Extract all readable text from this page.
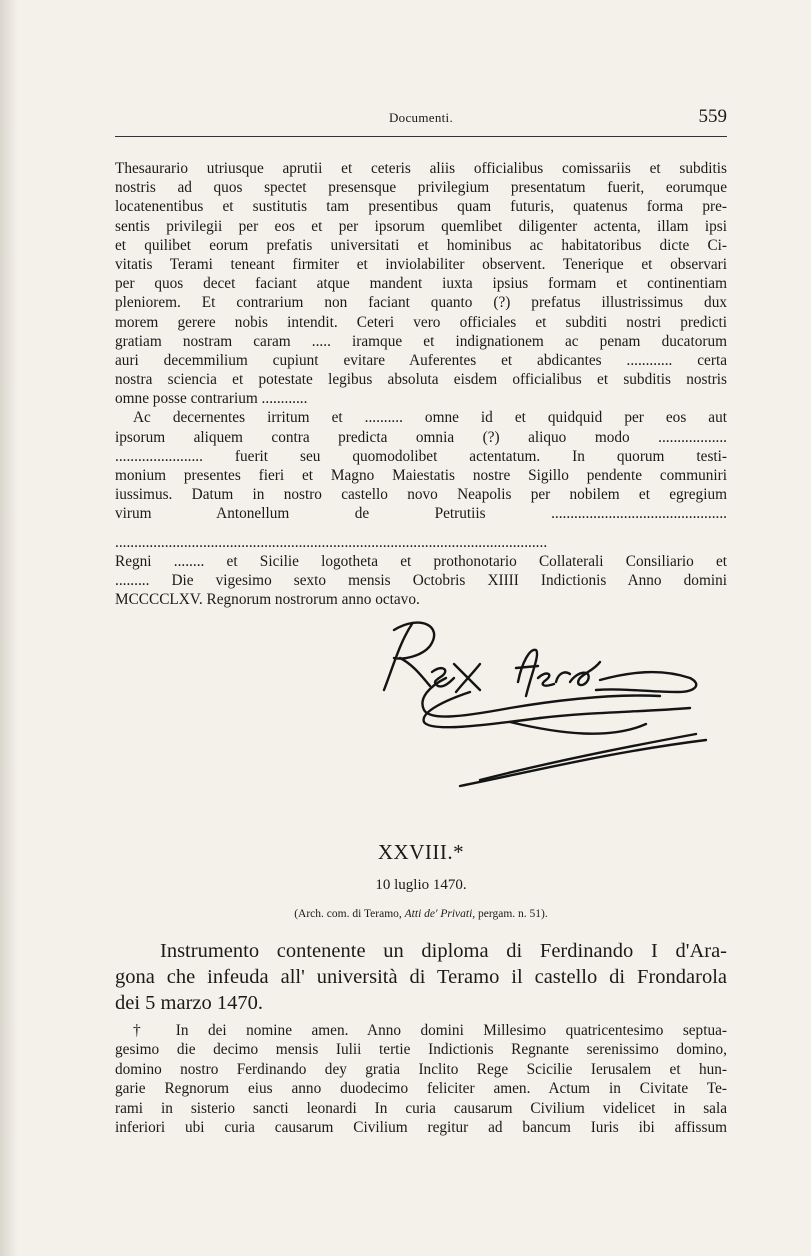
Documenti.	559
Thesaurario utriusque aprutii et ceteris aliis officialibus comissariis et subditis
nostris ad quos spectet presensque privilegium presentatum fuerit, eorumque
locatenentibus et sustitutis tam presentibus quam futuris, quatenus forma pre-
sentis privilegii per eos et per ipsorum quemlibet diligenter actenta, illam ipsi
et quilibet eorum prefatis universitati et hominibus ac habitatoribus dicte Ci-
vitatis Terami teneant firmiter et inviolabiliter observent. Tenerique et observari
per quos decet faciant atque mandent iuxta ipsius formam et continentiam
pleniorem. Et contrarium non faciant quanto (?) prefatus illustrissimus dux
morem gerere nobis intendit. Ceteri vero officiales et subditi nostri predicti
gratiam nostram caram ..... iramque et indignationem ac penam ducatorum
auri decemmilium cupiunt evitare Auferentes et abdicantes ............ certa
nostra sciencia et potestate legibus absoluta eisdem officialibus et subditis nostris
omne posse contrarium ............
Ac decernentes irritum et .......... omne id et quidquid per eos aut
ipsorum aliquem contra predicta omnia (?) aliquo modo ..................
....................... fuerit seu quomodolibet actentatum. In quorum testi-
monium presentes fieri et Magno Maiestatis nostre Sigillo pendente communiri
iussimus. Datum in nostro castello novo Neapolis per nobilem et egregium
virum Antonellum de Petrutiis ..............................................
.................................................................................................................
Regni ........ et Sicilie logotheta et prothonotario Collaterali Consiliario et
......... Die vigesimo sexto mensis Octobris XIIII Indictionis Anno domini
MCCCCLXV. Regnorum nostrorum anno octavo.
XXVIII.*
10 luglio 1470.
(Arch. com. di Teramo, Atti de' Privati, pergam. n. 51).
Instrumento contenente un diploma di Ferdinando I d'Ara-
gona che infeuda all' università di Teramo il castello di Frondarola
dei 5 marzo 1470.
† In dei nomine amen. Anno domini Millesimo quatricentesimo septua-
gesimo die decimo mensis Iulii tertie Indictionis Regnante serenissimo domino,
domino nostro Ferdinando dey gratia Inclito Rege Scicilie Ierusalem et hun-
garie Regnorum eius anno duodecimo feliciter amen. Actum in Civitate Te-
rami in sisterio sancti leonardi In curia causarum Civilium videlicet in sala
inferiori ubi curia causarum Civilium regitur ad bancum Iuris ibi affissum
